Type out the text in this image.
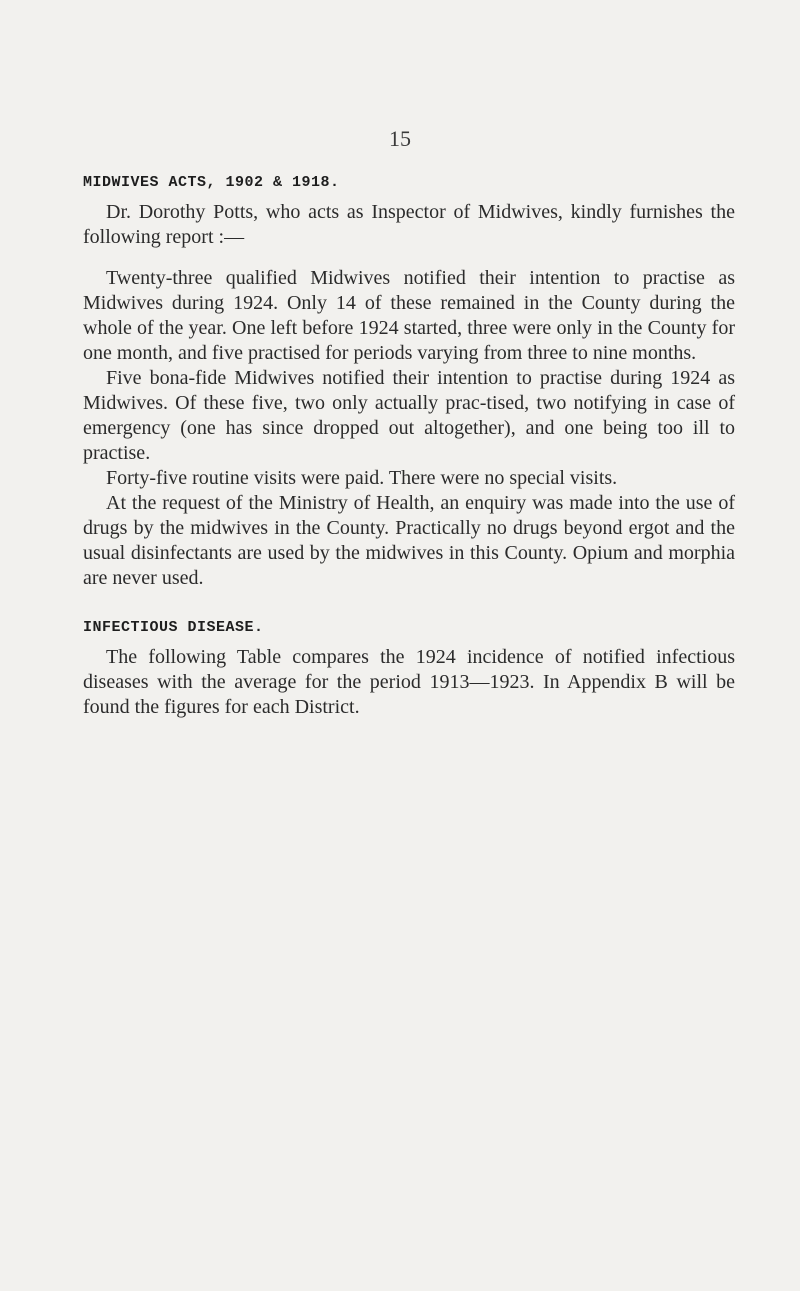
15
MIDWIVES ACTS, 1902 & 1918.

Dr. Dorothy Potts, who acts as Inspector of Midwives, kindly furnishes the following report :—

Twenty-three qualified Midwives notified their intention to practise as Midwives during 1924. Only 14 of these remained in the County during the whole of the year. One left before 1924 started, three were only in the County for one month, and five practised for periods varying from three to nine months.

Five bona-fide Midwives notified their intention to practise during 1924 as Midwives. Of these five, two only actually prac-tised, two notifying in case of emergency (one has since dropped out altogether), and one being too ill to practise.

Forty-five routine visits were paid. There were no special visits.

At the request of the Ministry of Health, an enquiry was made into the use of drugs by the midwives in the County. Practically no drugs beyond ergot and the usual disinfectants are used by the midwives in this County. Opium and morphia are never used.

INFECTIOUS DISEASE.

The following Table compares the 1924 incidence of notified infectious diseases with the average for the period 1913—1923. In Appendix B will be found the figures for each District.
